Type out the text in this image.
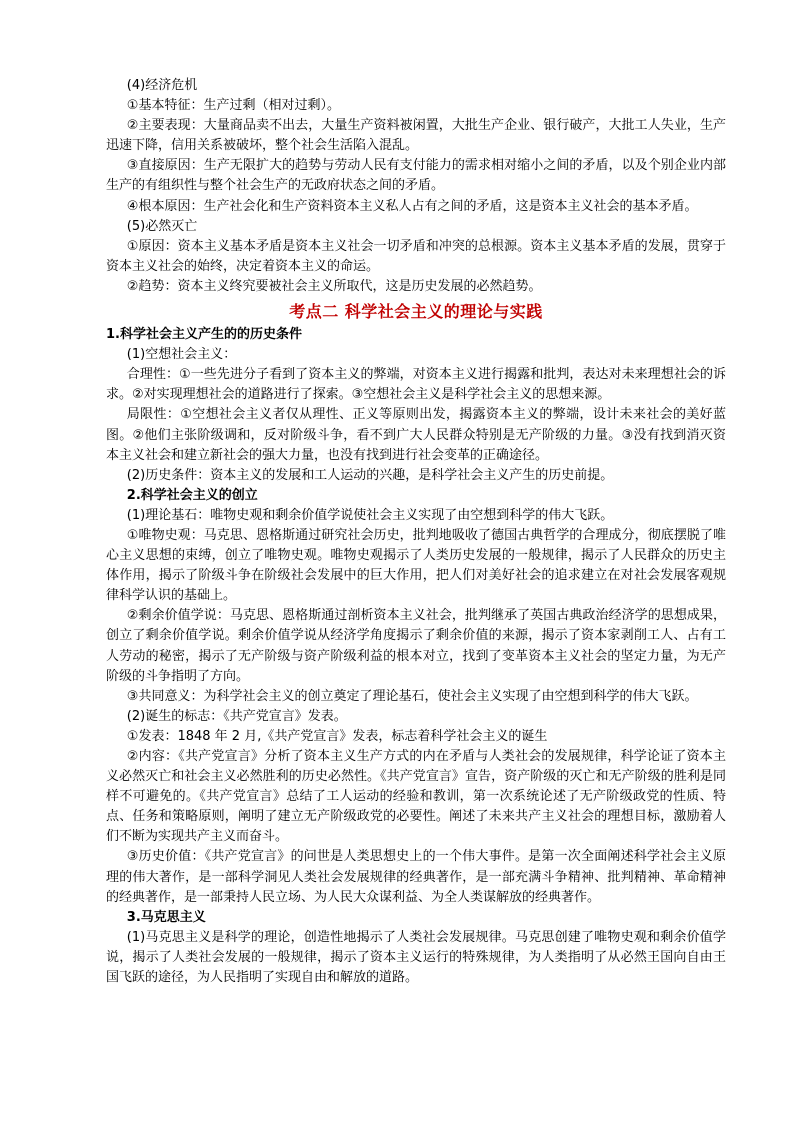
(4)经济危机

①基本特征：生产过剩（相对过剩）。

②主要表现：大量商品卖不出去，大量生产资料被闲置，大批生产企业、银行破产，大批工人失业，生产迅速下降，信用关系被破坏，整个社会生活陷入混乱。

③直接原因：生产无限扩大的趋势与劳动人民有支付能力的需求相对缩小之间的矛盾，以及个别企业内部生产的有组织性与整个社会生产的无政府状态之间的矛盾。

④根本原因：生产社会化和生产资料资本主义私人占有之间的矛盾，这是资本主义社会的基本矛盾。

(5)必然灭亡

①原因：资本主义基本矛盾是资本主义社会一切矛盾和冲突的总根源。资本主义基本矛盾的发展，贯穿于资本主义社会的始终，决定着资本主义的命运。

②趋势：资本主义终究要被社会主义所取代，这是历史发展的必然趋势。

考点二 科学社会主义的理论与实践

1.科学社会主义产生的的历史条件

(1)空想社会主义：

合理性：①一些先进分子看到了资本主义的弊端，对资本主义进行揭露和批判，表达对未来理想社会的诉求。②对实现理想社会的道路进行了探索。③空想社会主义是科学社会主义的思想来源。

局限性：①空想社会主义者仅从理性、正义等原则出发，揭露资本主义的弊端，设计未来社会的美好蓝图。②他们主张阶级调和，反对阶级斗争，看不到广大人民群众特别是无产阶级的力量。③没有找到消灭资本主义社会和建立新社会的强大力量，也没有找到进行社会变革的正确途径。

(2)历史条件：资本主义的发展和工人运动的兴趣，是科学社会主义产生的历史前提。

2.科学社会主义的创立

(1)理论基石：唯物史观和剩余价值学说使社会主义实现了由空想到科学的伟大飞跃。

①唯物史观：马克思、恩格斯通过研究社会历史，批判地吸收了德国古典哲学的合理成分，彻底摆脱了唯心主义思想的束缚，创立了唯物史观。唯物史观揭示了人类历史发展的一般规律，揭示了人民群众的历史主体作用，揭示了阶级斗争在阶级社会发展中的巨大作用，把人们对美好社会的追求建立在对社会发展客观规律科学认识的基础上。

②剩余价值学说：马克思、恩格斯通过剖析资本主义社会，批判继承了英国古典政治经济学的思想成果，创立了剩余价值学说。剩余价值学说从经济学角度揭示了剩余价值的来源，揭示了资本家剥削工人、占有工人劳动的秘密，揭示了无产阶级与资产阶级利益的根本对立，找到了变革资本主义社会的坚定力量，为无产阶级的斗争指明了方向。

③共同意义：为科学社会主义的创立奠定了理论基石，使社会主义实现了由空想到科学的伟大飞跃。

(2)诞生的标志：《共产党宣言》发表。

①发表：1848 年 2 月,《共产党宣言》发表，标志着科学社会主义的诞生

②内容：《共产党宣言》分析了资本主义生产方式的内在矛盾与人类社会的发展规律，科学论证了资本主义必然灭亡和社会主义必然胜利的历史必然性。《共产党宣言》宣告，资产阶级的灭亡和无产阶级的胜利是同样不可避免的。《共产党宣言》总结了工人运动的经验和教训，第一次系统论述了无产阶级政党的性质、特点、任务和策略原则，阐明了建立无产阶级政党的必要性。阐述了未来共产主义社会的理想目标，激励着人们不断为实现共产主义而奋斗。

③历史价值：《共产党宣言》的问世是人类思想史上的一个伟大事件。是第一次全面阐述科学社会主义原理的伟大著作，是一部科学洞见人类社会发展规律的经典著作，是一部充满斗争精神、批判精神、革命精神的经典著作，是一部秉持人民立场、为人民大众谋利益、为全人类谋解放的经典著作。

3.马克思主义

(1)马克思主义是科学的理论，创造性地揭示了人类社会发展规律。马克思创建了唯物史观和剩余价值学说，揭示了人类社会发展的一般规律，揭示了资本主义运行的特殊规律，为人类指明了从必然王国向自由王国飞跃的途径，为人民指明了实现自由和解放的道路。
